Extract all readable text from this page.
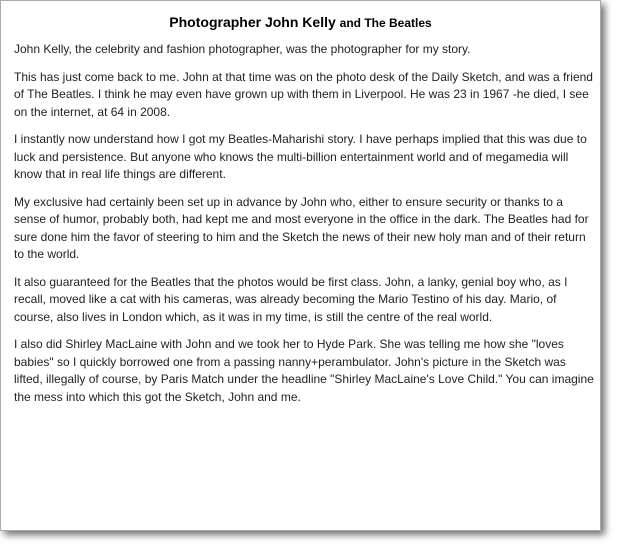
Photographer John Kelly and The Beatles

John Kelly, the celebrity and fashion photographer, was the photographer for my story.

This has just come back to me. John at that time was on the photo desk of the Daily Sketch, and was a friend of The Beatles. I think he may even have grown up with them in Liverpool. He was 23 in 1967 -he died, I see on the internet, at 64 in 2008.

I instantly now understand how I got my Beatles-Maharishi story. I have perhaps implied that this was due to luck and persistence. But anyone who knows the multi-billion entertainment world and of megamedia will know that in real life things are different.

My exclusive had certainly been set up in advance by John who, either to ensure security or thanks to a sense of humor, probably both, had kept me and most everyone in the office in the dark. The Beatles had for sure done him the favor of steering to him and the Sketch the news of their new holy man and of their return to the world.

It also guaranteed for the Beatles that the photos would be first class. John, a lanky, genial boy who, as I recall, moved like a cat with his cameras, was already becoming the Mario Testino of his day. Mario, of course, also lives in London which, as it was in my time, is still the centre of the real world.

I also did Shirley MacLaine with John and we took her to Hyde Park. She was telling me how she "loves babies" so I quickly borrowed one from a passing nanny+perambulator. John's picture in the Sketch was lifted, illegally of course, by Paris Match under the headline "Shirley MacLaine's Love Child." You can imagine the mess into which this got the Sketch, John and me.
